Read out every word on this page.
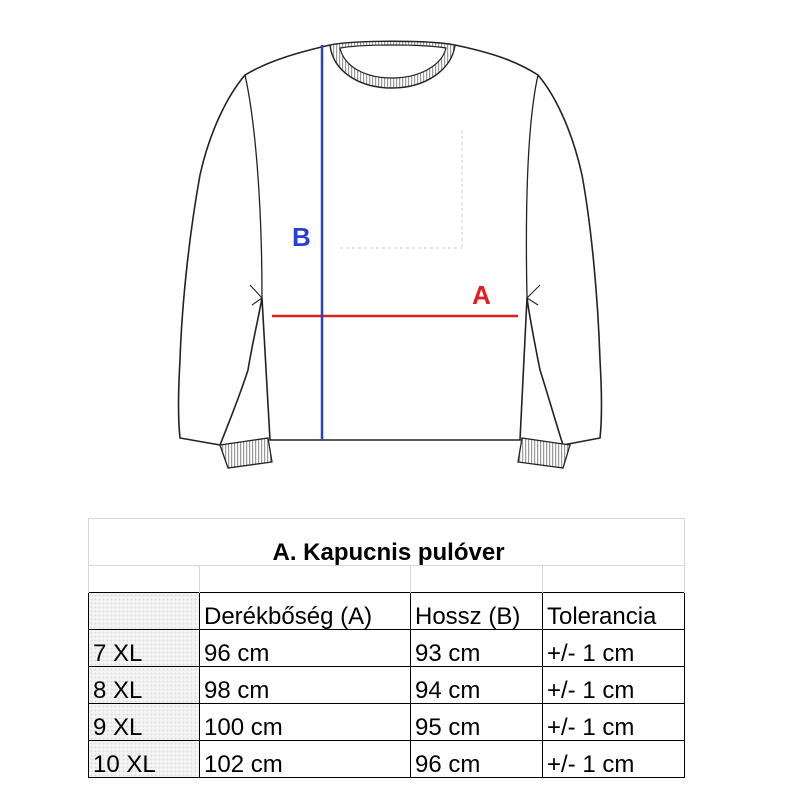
A
B
A. Kapucnis pulóver			

	Derékbőség (A)	Hossz (B)	Tolerancia
7 XL	96 cm	93 cm	+/- 1 cm
8 XL	98 cm	94 cm	+/- 1 cm
9 XL	100 cm	95 cm	+/- 1 cm
10 XL	102 cm	96 cm	+/- 1 cm
